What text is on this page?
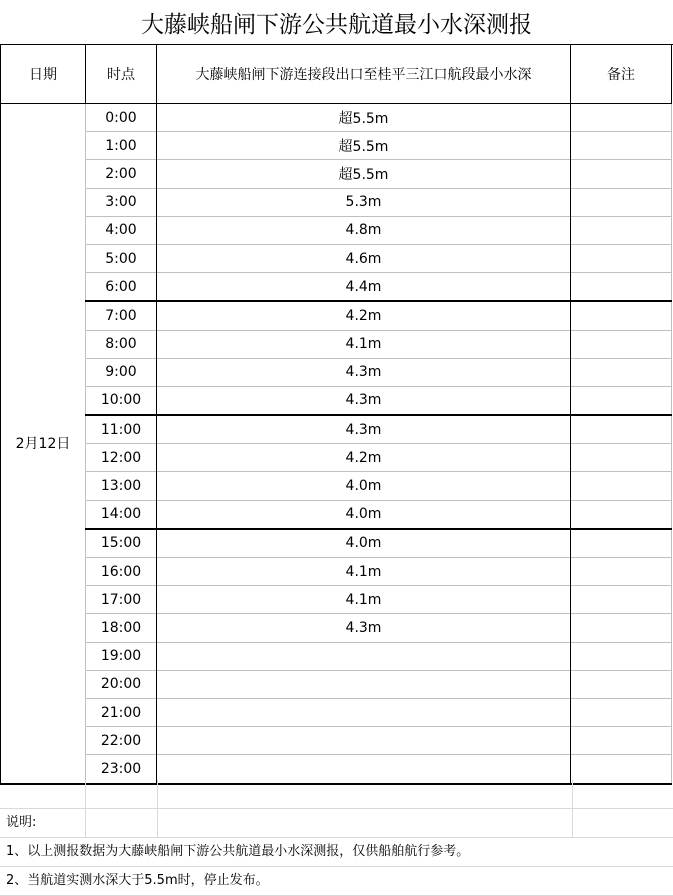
大藤峡船闸下游公共航道最小水深测报
日期	时点	大藤峡船闸下游连接段出口至桂平三江口航段最小水深	备注
2月12日	0:00	超5.5m	
	1:00	超5.5m	
	2:00	超5.5m	
	3:00	5.3m	
	4:00	4.8m	
	5:00	4.6m	
	6:00	4.4m	
	7:00	4.2m	
	8:00	4.1m	
	9:00	4.3m	
	10:00	4.3m	
	11:00	4.3m	
	12:00	4.2m	
	13:00	4.0m	
	14:00	4.0m	
	15:00	4.0m	
	16:00	4.1m	
	17:00	4.1m	
	18:00	4.3m	
	19:00		
	20:00		
	21:00		
	22:00		
	23:00		
说明:
1、以上测报数据为大藤峡船闸下游公共航道最小水深测报，仅供船舶航行参考。
2、当航道实测水深大于5.5m时，停止发布。
